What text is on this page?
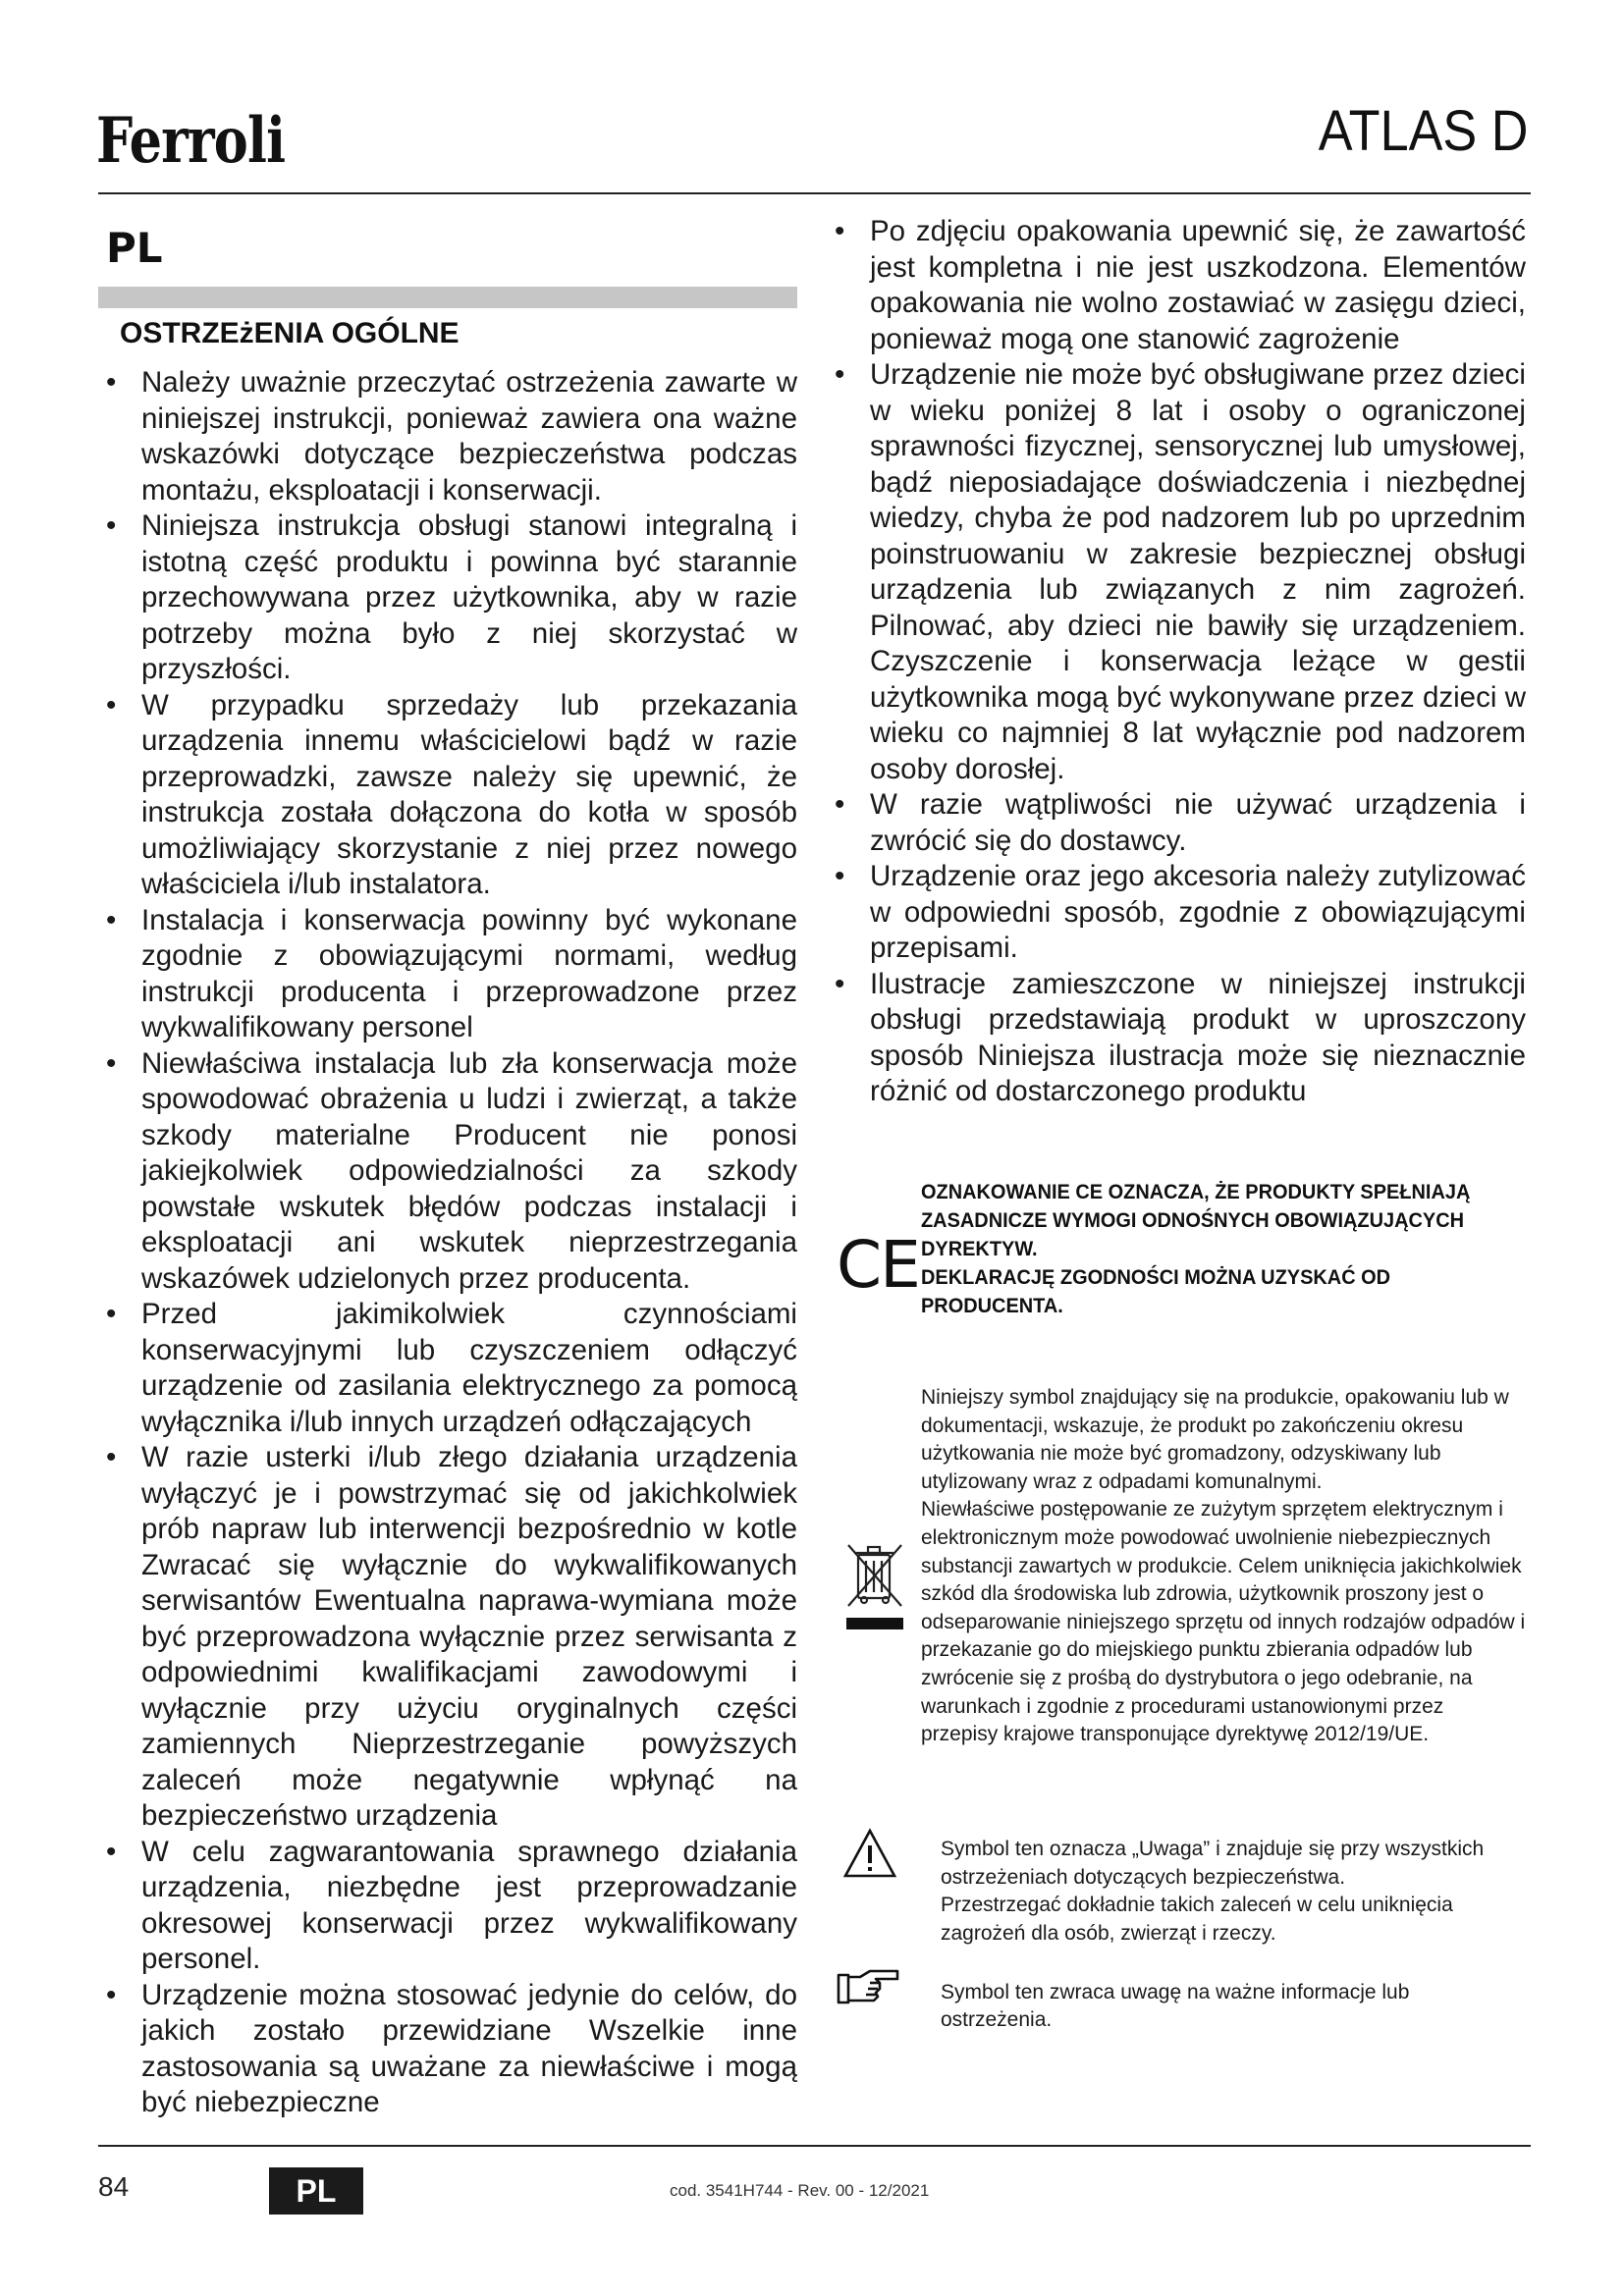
Ferroli	ATLAS D
PL
OSTRZEżENIA OGÓLNE
• Należy uważnie przeczytać ostrzeżenia zawarte w niniejszej instrukcji, ponieważ zawiera ona ważne wskazówki dotyczące bezpieczeństwa podczas montażu, eksploatacji i konserwacji.
• Niniejsza instrukcja obsługi stanowi integralną i istotną część produktu i powinna być starannie przechowywana przez użytkownika, aby w razie potrzeby można było z niej skorzystać w przyszłości.
• W przypadku sprzedaży lub przekazania urządzenia innemu właścicielowi bądź w razie przeprowadzki, zawsze należy się upewnić, że instrukcja została dołączona do kotła w sposób umożliwiający skorzystanie z niej przez nowego właściciela i/lub instalatora.
• Instalacja i konserwacja powinny być wykonane zgodnie z obowiązującymi normami, według instrukcji producenta i przeprowadzone przez wykwalifikowany personel
• Niewłaściwa instalacja lub zła konserwacja może spowodować obrażenia u ludzi i zwierząt, a także szkody materialne Producent nie ponosi jakiejkolwiek odpowiedzialności za szkody powstałe wskutek błędów podczas instalacji i eksploatacji ani wskutek nieprzestrzegania wskazówek udzielonych przez producenta.
• Przed jakimikolwiek czynnościami konserwacyjnymi lub czyszczeniem odłączyć urządzenie od zasilania elektrycznego za pomocą wyłącznika i/lub innych urządzeń odłączających
• W razie usterki i/lub złego działania urządzenia wyłączyć je i powstrzymać się od jakichkolwiek prób napraw lub interwencji bezpośrednio w kotle Zwracać się wyłącznie do wykwalifikowanych serwisantów Ewentualna naprawa-wymiana może być przeprowadzona wyłącznie przez serwisanta z odpowiednimi kwalifikacjami zawodowymi i wyłącznie przy użyciu oryginalnych części zamiennych Nieprzestrzeganie powyższych zaleceń może negatywnie wpłynąć na bezpieczeństwo urządzenia
• W celu zagwarantowania sprawnego działania urządzenia, niezbędne jest przeprowadzanie okresowej konserwacji przez wykwalifikowany personel.
• Urządzenie można stosować jedynie do celów, do jakich zostało przewidziane Wszelkie inne zastosowania są uważane za niewłaściwe i mogą być niebezpieczne
• Po zdjęciu opakowania upewnić się, że zawartość jest kompletna i nie jest uszkodzona. Elementów opakowania nie wolno zostawiać w zasięgu dzieci, ponieważ mogą one stanowić zagrożenie
• Urządzenie nie może być obsługiwane przez dzieci w wieku poniżej 8 lat i osoby o ograniczonej sprawności fizycznej, sensorycznej lub umysłowej, bądź nieposiadające doświadczenia i niezbędnej wiedzy, chyba że pod nadzorem lub po uprzednim poinstruowaniu w zakresie bezpiecznej obsługi urządzenia lub związanych z nim zagrożeń. Pilnować, aby dzieci nie bawiły się urządzeniem. Czyszczenie i konserwacja leżące w gestii użytkownika mogą być wykonywane przez dzieci w wieku co najmniej 8 lat wyłącznie pod nadzorem osoby dorosłej.
• W razie wątpliwości nie używać urządzenia i zwrócić się do dostawcy.
• Urządzenie oraz jego akcesoria należy zutylizować w odpowiedni sposób, zgodnie z obowiązującymi przepisami.
• Ilustracje zamieszczone w niniejszej instrukcji obsługi przedstawiają produkt w uproszczony sposób Niniejsza ilustracja może się nieznacznie różnić od dostarczonego produktu
CE
OZNAKOWANIE CE OZNACZA, ŻE PRODUKTY SPEŁNIAJĄ ZASADNICZE WYMOGI ODNOŚNYCH OBOWIĄZUJĄCYCH DYREKTYW.
DEKLARACJĘ ZGODNOŚCI MOŻNA UZYSKAĆ OD PRODUCENTA.

Niniejszy symbol znajdujący się na produkcie, opakowaniu lub w dokumentacji, wskazuje, że produkt po zakończeniu okresu użytkowania nie może być gromadzony, odzyskiwany lub utylizowany wraz z odpadami komunalnymi.

Niewłaściwe postępowanie ze zużytym sprzętem elektrycznym i elektronicznym może powodować uwolnienie niebezpiecznych substancji zawartych w produkcie. Celem uniknięcia jakichkolwiek szkód dla środowiska lub zdrowia, użytkownik proszony jest o odseparowanie niniejszego sprzętu od innych rodzajów odpadów i przekazanie go do miejskiego punktu zbierania odpadów lub zwrócenie się z prośbą do dystrybutora o jego odebranie, na warunkach i zgodnie z procedurami ustanowionymi przez przepisy krajowe transponujące dyrektywę 2012/19/UE.

Symbol ten oznacza „Uwaga” i znajduje się przy wszystkich ostrzeżeniach dotyczących bezpieczeństwa.

Przestrzegać dokładnie takich zaleceń w celu uniknięcia zagrożeń dla osób, zwierząt i rzeczy.

Symbol ten zwraca uwagę na ważne informacje lub ostrzeżenia.
84	PL	cod. 3541H744 - Rev. 00 - 12/2021
